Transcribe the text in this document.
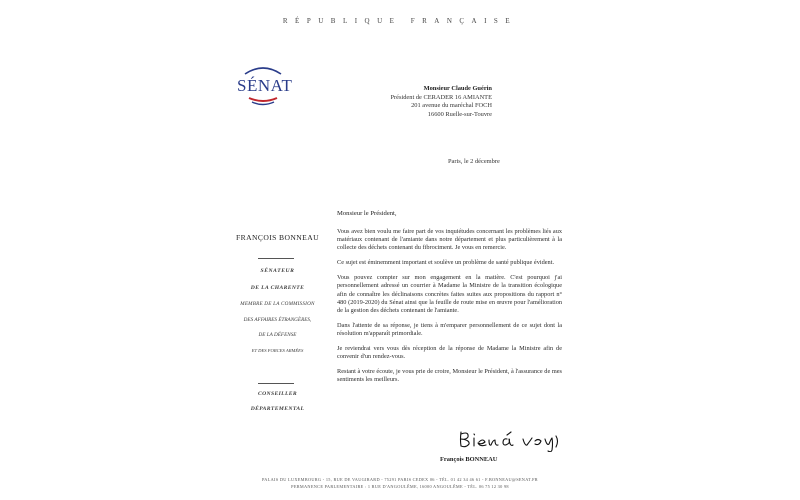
RÉPUBLIQUE FRANÇAISE
SÉNAT	Monsieur Claude Guérin
Président de CERADER 16 AMIANTE
201 avenue du maréchal FOCH
16600 Ruelle-sur-Touvre
Paris, le 2 décembre
FRANÇOIS BONNEAU
SÉNATEUR
DE LA CHARENTE
MEMBRE DE LA COMMISSION
DES AFFAIRES ÉTRANGÈRES,
DE LA DÉFENSE
ET DES FORCES ARMÉES
CONSEILLER
DÉPARTEMENTAL
Monsieur le Président,

Vous avez bien voulu me faire part de vos inquiétudes concernant les problèmes liés aux matériaux contenant de l'amiante dans notre département et plus particulièrement à la collecte des déchets contenant du fibrociment. Je vous en remercie.

Ce sujet est éminemment important et soulève un problème de santé publique évident.

Vous pouvez compter sur mon engagement en la matière. C'est pourquoi j'ai personnellement adressé un courrier à Madame la Ministre de la transition écologique afin de connaître les déclinaisons concrètes faites suites aux propositions du rapport n° 480 (2019-2020) du Sénat ainsi que la feuille de route mise en œuvre pour l'amélioration de la gestion des déchets contenant de l'amiante.

Dans l'attente de sa réponse, je tiens à m'emparer personnellement de ce sujet dont la résolution m'apparaît primordiale.

Je reviendrai vers vous dès réception de la réponse de Madame la Ministre afin de convenir d'un rendez-vous.

Restant à votre écoute, je vous prie de croire, Monsieur le Président, à l'assurance de mes sentiments les meilleurs.

François BONNEAU
PALAIS DU LUXEMBOURG - 15, RUE DE VAUGIRARD - 75291 PARIS CEDEX 06 - TÉL. 01 42 34 46 61 - F.BONNEAU@SENAT.FR
PERMANENCE PARLEMENTAIRE : 1 RUE D'ANGOULÊME, 16000 ANGOULÊME - TÉL. 06 75 12 30 98
